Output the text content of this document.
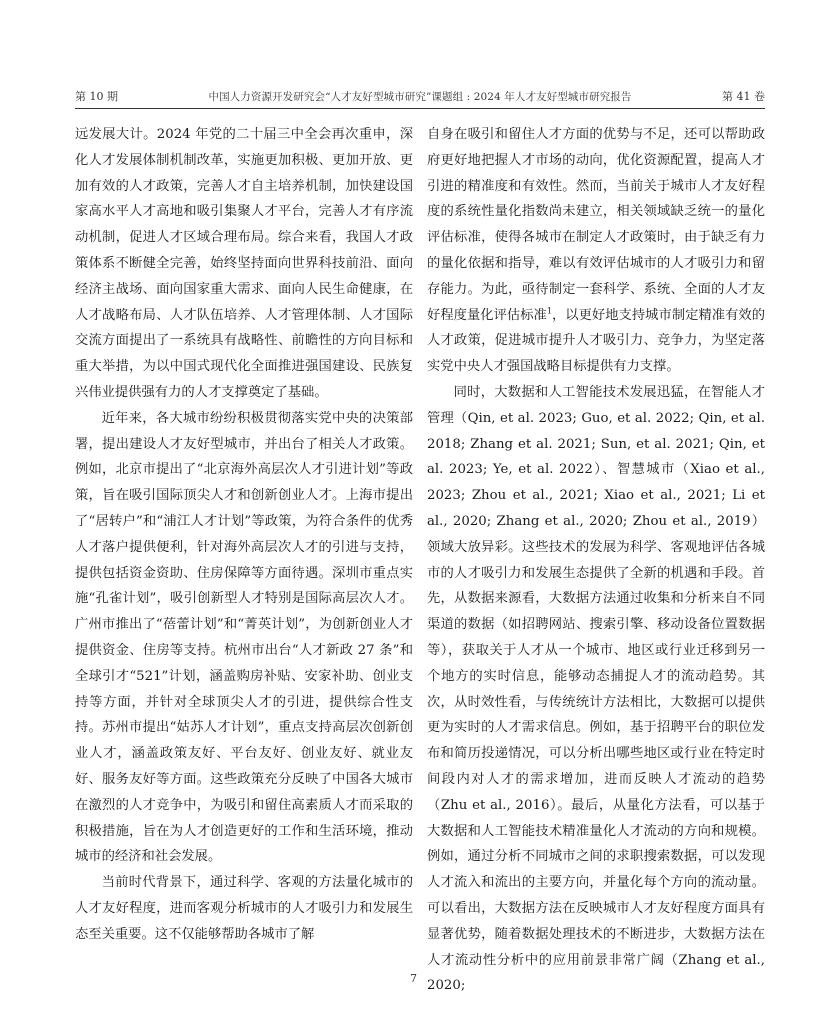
第 10 期	中国人力资源开发研究会“人才友好型城市研究”课题组 : 2024 年人才友好型城市研究报告	第 41 卷

远发展大计。2024 年党的二十届三中全会再次重申，深化人才发展体制机制改革，实施更加积极、更加开放、更加有效的人才政策，完善人才自主培养机制，加快建设国家高水平人才高地和吸引集聚人才平台，完善人才有序流动机制，促进人才区域合理布局。综合来看，我国人才政策体系不断健全完善，始终坚持面向世界科技前沿、面向经济主战场、面向国家重大需求、面向人民生命健康，在人才战略布局、人才队伍培养、人才管理体制、人才国际交流方面提出了一系统具有战略性、前瞻性的方向目标和重大举措，为以中国式现代化全面推进强国建设、民族复兴伟业提供强有力的人才支撑奠定了基础。

近年来，各大城市纷纷积极贯彻落实党中央的决策部署，提出建设人才友好型城市，并出台了相关人才政策。例如，北京市提出了“北京海外高层次人才引进计划”等政策，旨在吸引国际顶尖人才和创新创业人才。上海市提出了“居转户”和“浦江人才计划”等政策，为符合条件的优秀人才落户提供便利，针对海外高层次人才的引进与支持，提供包括资金资助、住房保障等方面待遇。深圳市重点实施“孔雀计划”，吸引创新型人才特别是国际高层次人才。广州市推出了“蓓蕾计划”和“菁英计划”，为创新创业人才提供资金、住房等支持。杭州市出台“人才新政 27 条”和全球引才“521”计划，涵盖购房补贴、安家补助、创业支持等方面，并针对全球顶尖人才的引进，提供综合性支持。苏州市提出“姑苏人才计划”，重点支持高层次创新创业人才，涵盖政策友好、平台友好、创业友好、就业友好、服务友好等方面。这些政策充分反映了中国各大城市在激烈的人才竞争中，为吸引和留住高素质人才而采取的积极措施，旨在为人才创造更好的工作和生活环境，推动城市的经济和社会发展。

当前时代背景下，通过科学、客观的方法量化城市的人才友好程度，进而客观分析城市的人才吸引力和发展生态至关重要。这不仅能够帮助各城市了解

自身在吸引和留住人才方面的优势与不足，还可以帮助政府更好地把握人才市场的动向，优化资源配置，提高人才引进的精准度和有效性。然而，当前关于城市人才友好程度的系统性量化指数尚未建立，相关领域缺乏统一的量化评估标准，使得各城市在制定人才政策时，由于缺乏有力的量化依据和指导，难以有效评估城市的人才吸引力和留存能力。为此，亟待制定一套科学、系统、全面的人才友好程度量化评估标准$^1$，以更好地支持城市制定精准有效的人才政策，促进城市提升人才吸引力、竞争力，为坚定落实党中央人才强国战略目标提供有力支撑。

同时，大数据和人工智能技术发展迅猛，在智能人才管理（Qin, et al. 2023; Guo, et al. 2022; Qin, et al. 2018; Zhang et al. 2021; Sun, et al. 2021; Qin, et al. 2023; Ye, et al. 2022）、智慧城市（Xiao et al., 2023; Zhou et al., 2021; Xiao et al., 2021; Li et al., 2020; Zhang et al., 2020; Zhou et al., 2019）领域大放异彩。这些技术的发展为科学、客观地评估各城市的人才吸引力和发展生态提供了全新的机遇和手段。首先，从数据来源看，大数据方法通过收集和分析来自不同渠道的数据（如招聘网站、搜索引擎、移动设备位置数据等），获取关于人才从一个城市、地区或行业迁移到另一个地方的实时信息，能够动态捕捉人才的流动趋势。其次，从时效性看，与传统统计方法相比，大数据可以提供更为实时的人才需求信息。例如，基于招聘平台的职位发布和简历投递情况，可以分析出哪些地区或行业在特定时间段内对人才的需求增加，进而反映人才流动的趋势（Zhu et al., 2016）。最后，从量化方法看，可以基于大数据和人工智能技术精准量化人才流动的方向和规模。例如，通过分析不同城市之间的求职搜索数据，可以发现人才流入和流出的主要方向，并量化每个方向的流动量。可以看出，大数据方法在反映城市人才友好程度方面具有显著优势，随着数据处理技术的不断进步，大数据方法在人才流动性分析中的应用前景非常广阔（Zhang et al., 2020;

7
